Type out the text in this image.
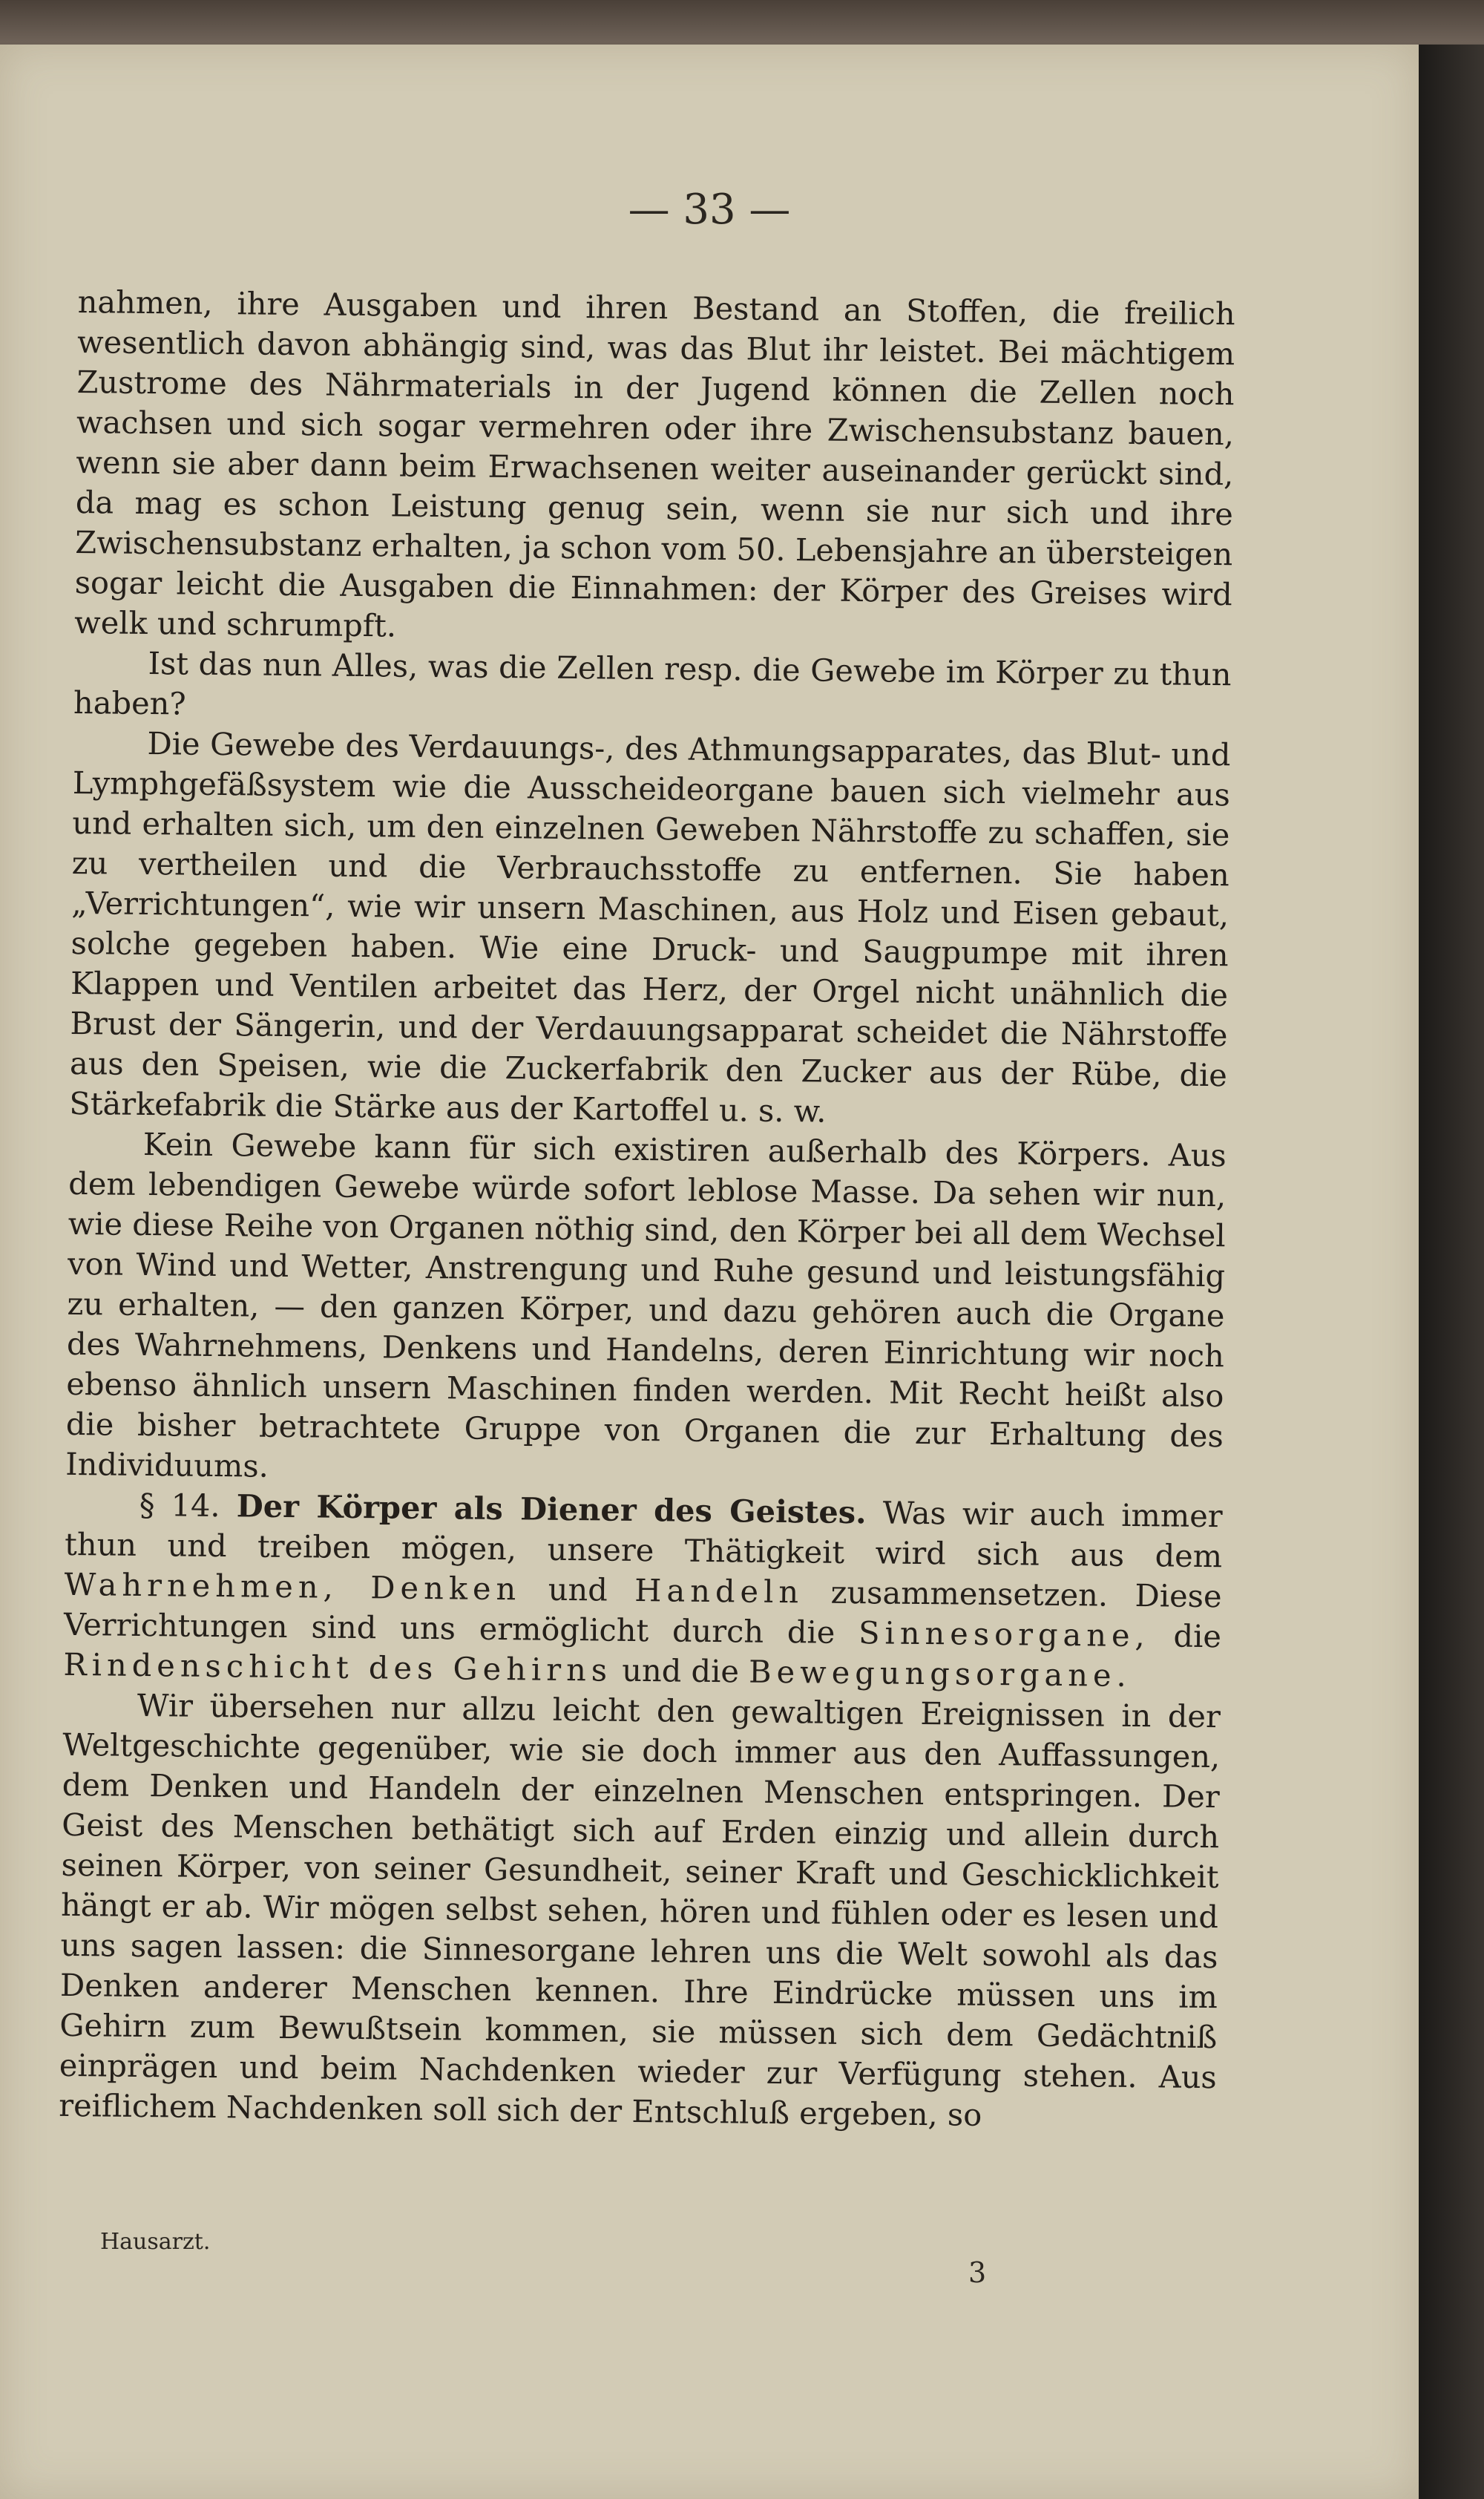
— 33 —

nahmen, ihre Ausgaben und ihren Bestand an Stoffen, die freilich wesentlich davon abhängig sind, was das Blut ihr leistet. Bei mächtigem Zustrome des Nährmaterials in der Jugend können die Zellen noch wachsen und sich sogar vermehren oder ihre Zwischensubstanz bauen, wenn sie aber dann beim Erwachsenen weiter auseinander gerückt sind, da mag es schon Leistung genug sein, wenn sie nur sich und ihre Zwischensubstanz erhalten, ja schon vom 50. Lebensjahre an übersteigen sogar leicht die Ausgaben die Einnahmen: der Körper des Greises wird welk und schrumpft.

Ist das nun Alles, was die Zellen resp. die Gewebe im Körper zu thun haben?

Die Gewebe des Verdauungs-, des Athmungsapparates, das Blut- und Lymphgefäßsystem wie die Ausscheideorgane bauen sich vielmehr aus und erhalten sich, um den einzelnen Geweben Nährstoffe zu schaffen, sie zu vertheilen und die Verbrauchsstoffe zu entfernen. Sie haben „Verrichtungen“, wie wir unsern Maschinen, aus Holz und Eisen gebaut, solche gegeben haben. Wie eine Druck- und Saugpumpe mit ihren Klappen und Ventilen arbeitet das Herz, der Orgel nicht unähnlich die Brust der Sängerin, und der Verdauungsapparat scheidet die Nährstoffe aus den Speisen, wie die Zuckerfabrik den Zucker aus der Rübe, die Stärkefabrik die Stärke aus der Kartoffel u. s. w.

Kein Gewebe kann für sich existiren außerhalb des Körpers. Aus dem lebendigen Gewebe würde sofort leblose Masse. Da sehen wir nun, wie diese Reihe von Organen nöthig sind, den Körper bei all dem Wechsel von Wind und Wetter, Anstrengung und Ruhe gesund und leistungsfähig zu erhalten, — den ganzen Körper, und dazu gehören auch die Organe des Wahrnehmens, Denkens und Handelns, deren Einrichtung wir noch ebenso ähnlich unsern Maschinen finden werden. Mit Recht heißt also die bisher betrachtete Gruppe von Organen die zur Erhaltung des Individuums.

§ 14. Der Körper als Diener des Geistes. Was wir auch immer thun und treiben mögen, unsere Thätigkeit wird sich aus dem Wahrnehmen, Denken und Handeln zusammensetzen. Diese Verrichtungen sind uns ermöglicht durch die Sinnesorgane, die Rindenschicht des Gehirns und die Bewegungsorgane.

Wir übersehen nur allzu leicht den gewaltigen Ereignissen in der Weltgeschichte gegenüber, wie sie doch immer aus den Auffassungen, dem Denken und Handeln der einzelnen Menschen entspringen. Der Geist des Menschen bethätigt sich auf Erden einzig und allein durch seinen Körper, von seiner Gesundheit, seiner Kraft und Geschicklichkeit hängt er ab. Wir mögen selbst sehen, hören und fühlen oder es lesen und uns sagen lassen: die Sinnesorgane lehren uns die Welt sowohl als das Denken anderer Menschen kennen. Ihre Eindrücke müssen uns im Gehirn zum Bewußtsein kommen, sie müssen sich dem Gedächtniß einprägen und beim Nachdenken wieder zur Verfügung stehen. Aus reiflichem Nachdenken soll sich der Entschluß ergeben, so

Hausarzt.
3
